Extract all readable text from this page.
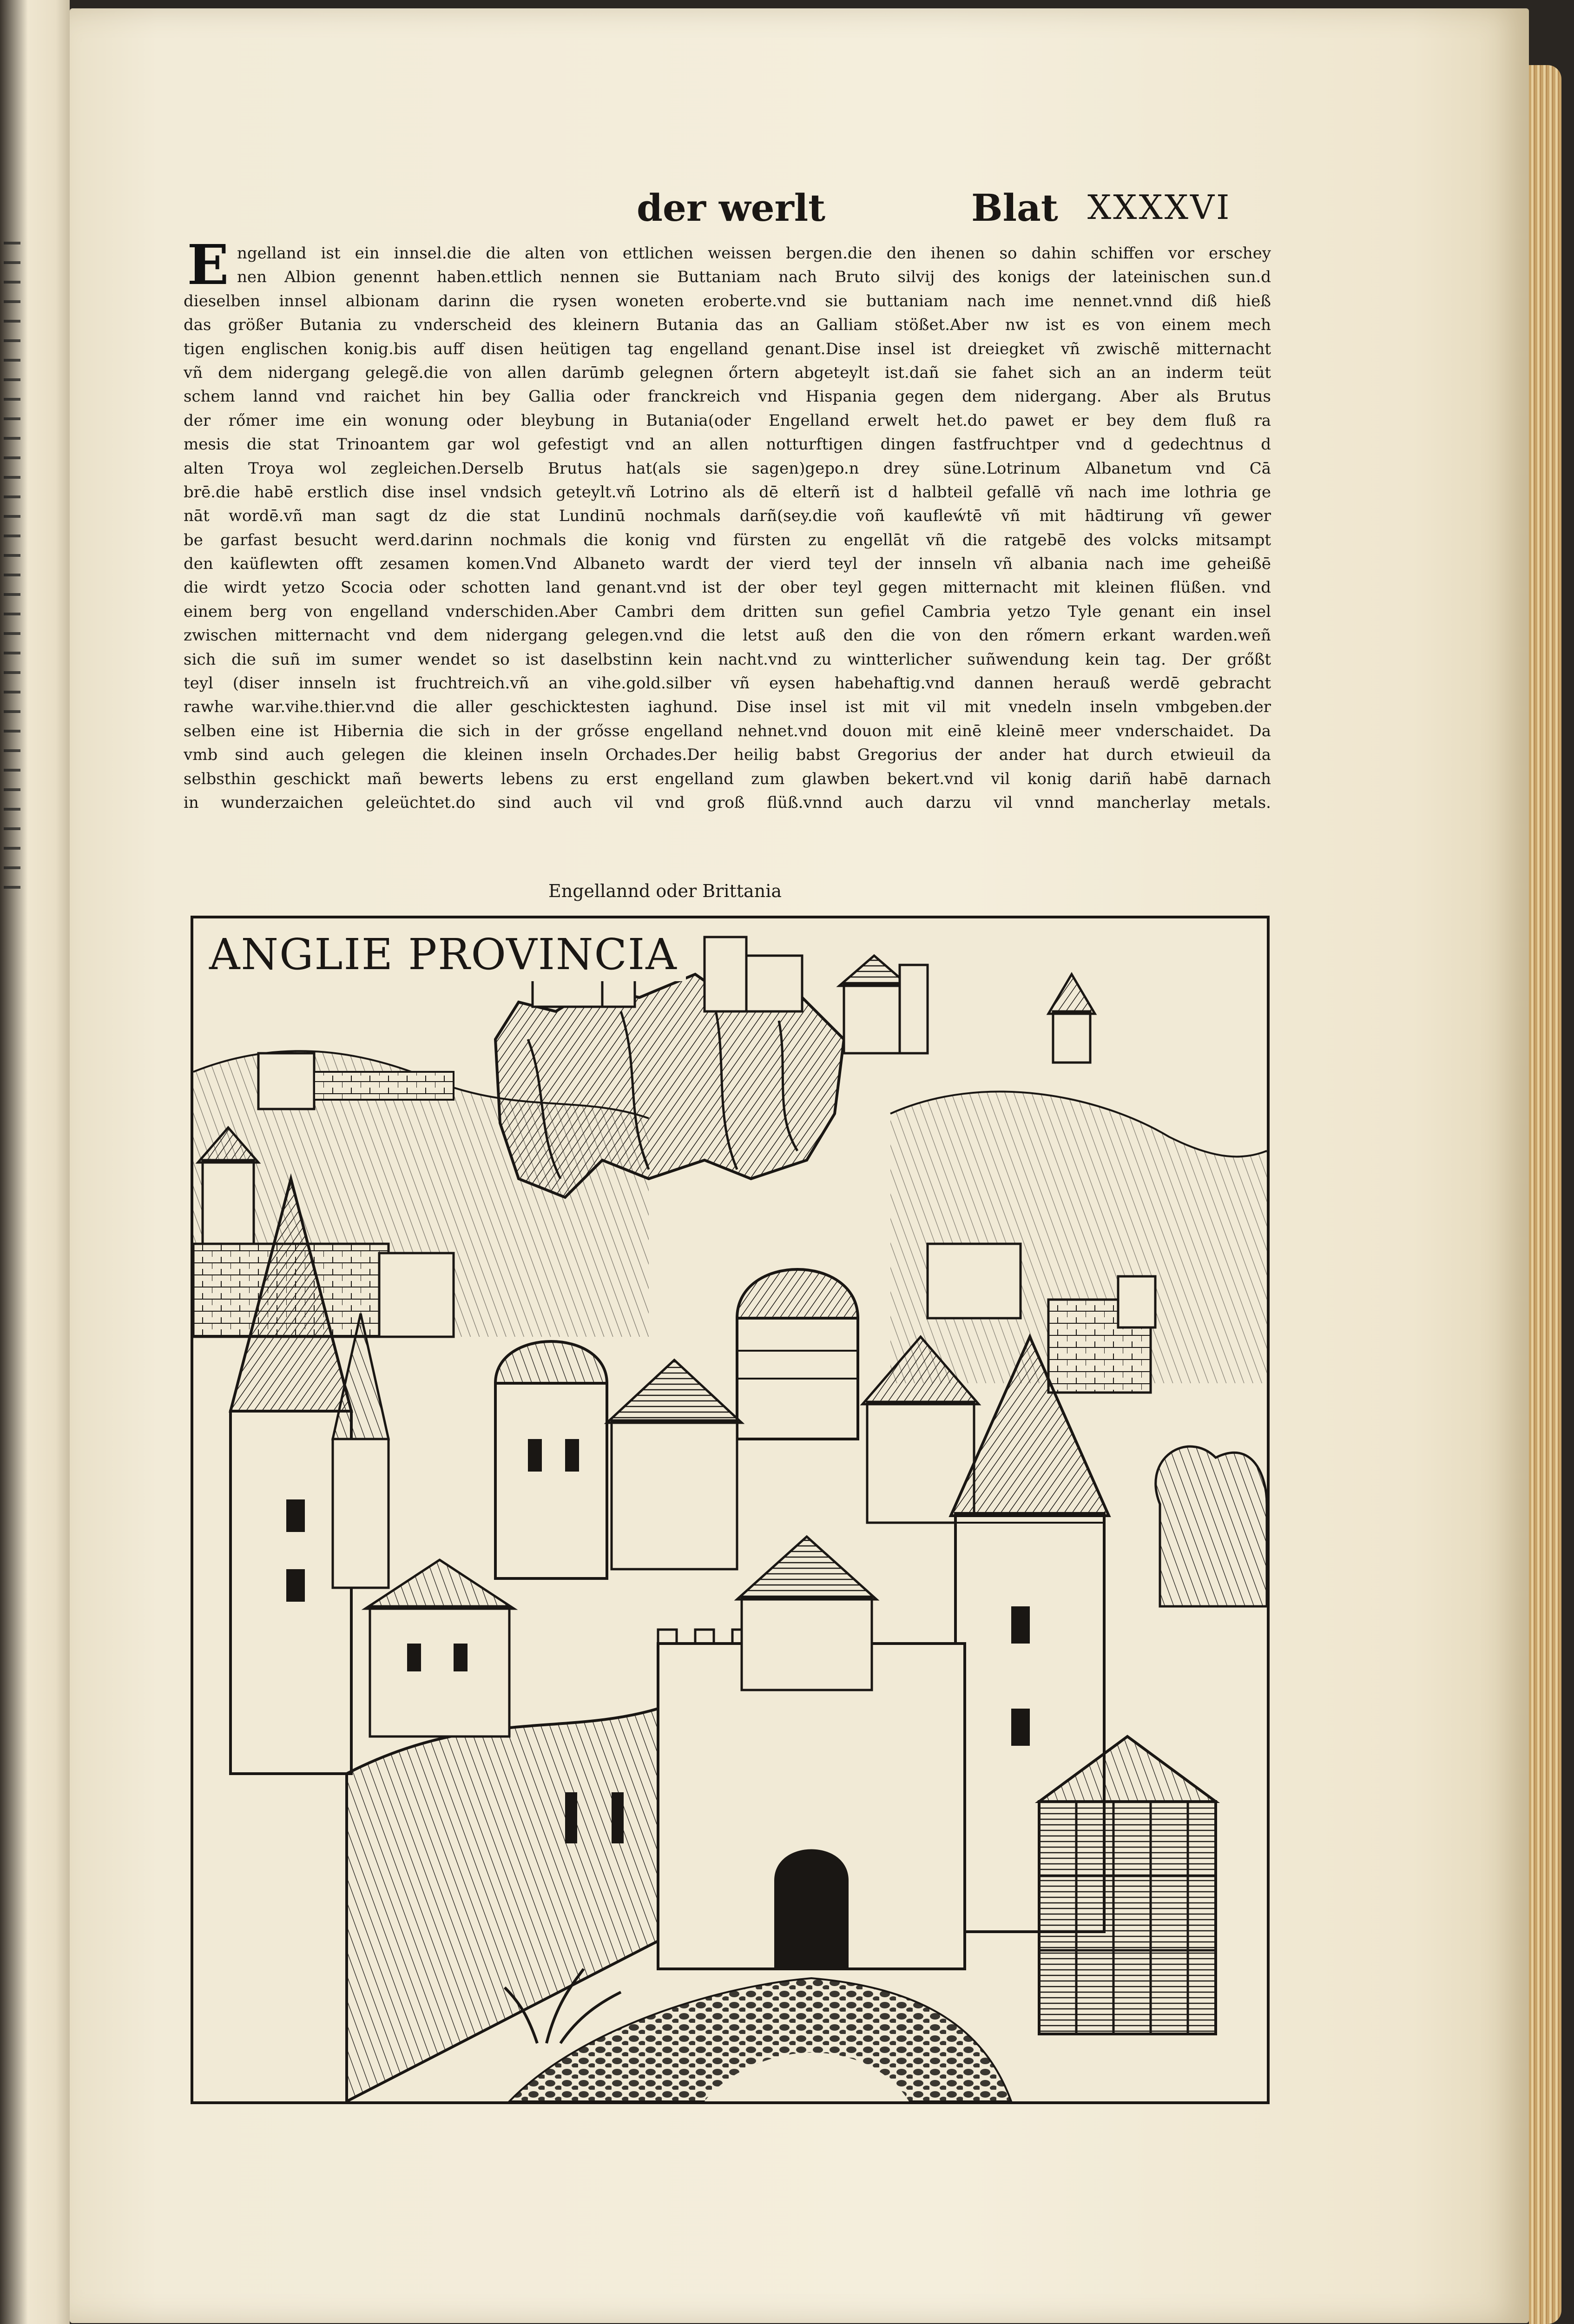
der werlt	Blat XXXXVI
E ngelland ist ein innsel.die die alten von ettlichen weissen bergen.die den ihenen so dahin schiffen vor erschey
nen Albion genennt haben.ettlich nennen sie Buttaniam nach Bruto silvij des konigs der lateinischen sun.d
dieselben innsel albionam darinn die rysen woneten eroberte.vnd sie buttaniam nach ime nennet.vnnd diß hieß
das größer Butania zu vnderscheid des kleinern Butania das an Galliam stößet.Aber nw ist es von einem mech
tigen englischen konig.bis auff disen heütigen tag engelland genant.Dise insel ist dreiegket vñ zwischẽ mitternacht
vñ dem nidergang gelegẽ.die von allen darūmb gelegnen őrtern abgeteylt ist.dañ sie fahet sich an an inderm teüt
schem lannd vnd raichet hin bey Gallia oder franckreich vnd Hispania gegen dem nidergang. Aber als Brutus
der rőmer ime ein wonung oder bleybung in Butania(oder Engelland erwelt het.do pawet er bey dem fluß ra
mesis die stat Trinoantem gar wol gefestigt vnd an allen notturftigen dingen fastfruchtper vnd d gedechtnus d
alten Troya wol zegleichen.Derselb Brutus hat(als sie sagen)gepo.n drey süne.Lotrinum Albanetum vnd Cā
brē.die habē erstlich dise insel vndsich geteylt.vñ Lotrino als dē elterñ ist d halbteil gefallē vñ nach ime lothria ge
nāt wordē.vñ man sagt dz die stat Lundinū nochmals darñ(sey.die voñ kaufleẃtē vñ mit hādtirung vñ gewer
be garfast besucht werd.darinn nochmals die konig vnd fürsten zu engellāt vñ die ratgebē des volcks mitsampt
den kaüflewten offt zesamen komen.Vnd Albaneto wardt der vierd teyl der innseln vñ albania nach ime geheißē
die wirdt yetzo Scocia oder schotten land genant.vnd ist der ober teyl gegen mitternacht mit kleinen flüßen. vnd
einem berg von engelland vnderschiden.Aber Cambri dem dritten sun gefiel Cambria yetzo Tyle genant ein insel
zwischen mitternacht vnd dem nidergang gelegen.vnd die letst auß den die von den rőmern erkant warden.weñ
sich die suñ im sumer wendet so ist daselbstinn kein nacht.vnd zu wintterlicher suñwendung kein tag. Der grőßt
teyl (diser innseln ist fruchtreich.vñ an vihe.gold.silber vñ eysen habehaftig.vnd dannen herauß werdē gebracht
rawhe war.vihe.thier.vnd die aller geschicktesten iaghund. Dise insel ist mit vil mit vnedeln inseln vmbgeben.der
selben eine ist Hibernia die sich in der grősse engelland nehnet.vnd douon mit einē kleinē meer vnderschaidet. Da
vmb sind auch gelegen die kleinen inseln Orchades.Der heilig babst Gregorius der ander hat durch etwieuil da
selbsthin geschickt mañ bewerts lebens zu erst engelland zum glawben bekert.vnd vil konig dariñ habē darnach
in wunderzaichen geleüchtet.do sind auch vil vnd groß flüß.vnnd auch darzu vil vnnd mancherlay metals.
Engellannd oder Brittania
ANGLIE PROVINCIA
